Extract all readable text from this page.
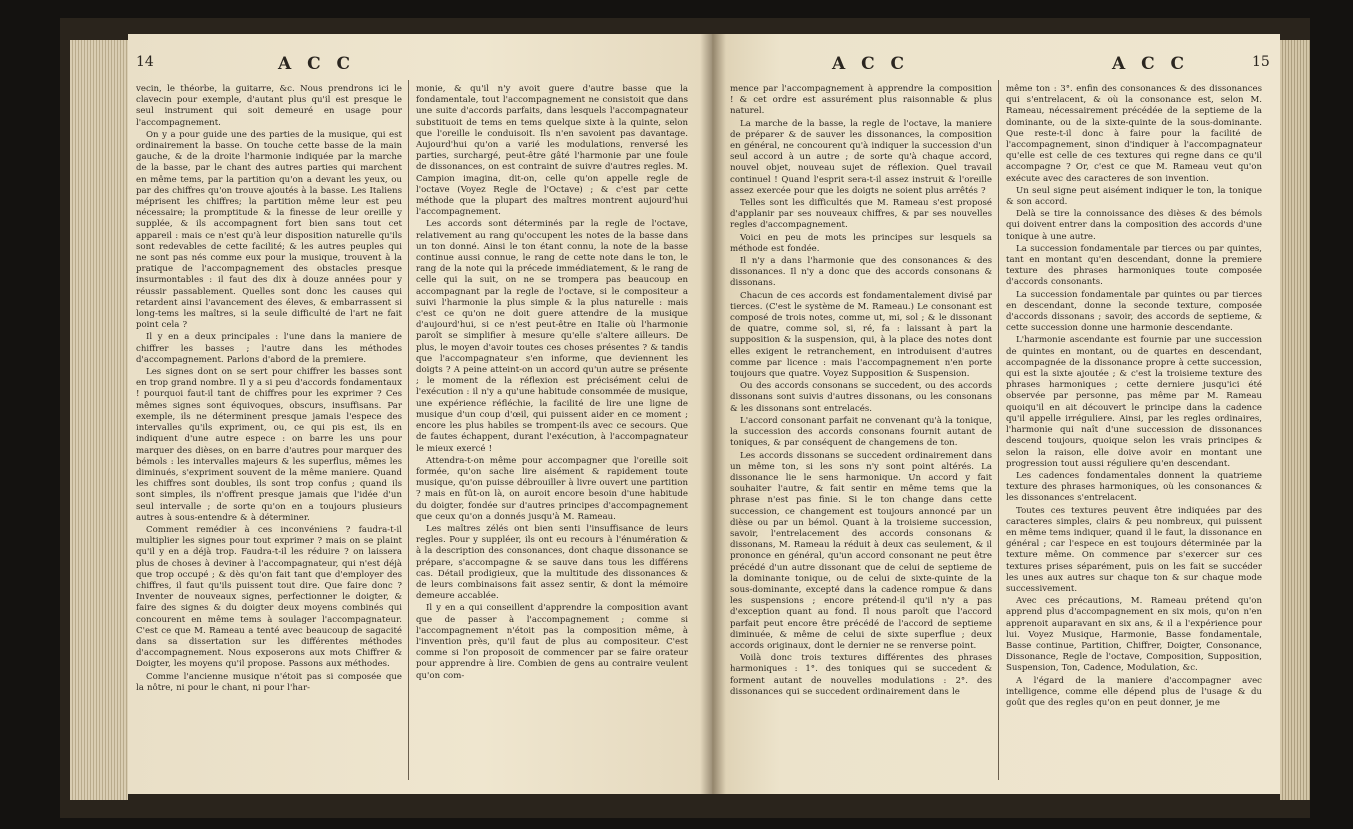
14	A C C

vecin, le théorbe, la guitarre, &c. Nous prendrons ici le clavecin pour exemple, d'autant plus qu'il est presque le seul instrument qui soit demeuré en usage pour l'accompagnement.

On y a pour guide une des parties de la musique, qui est ordinairement la basse. On touche cette basse de la main gauche, & de la droite l'harmonie indiquée par la marche de la basse, par le chant des autres parties qui marchent en même tems, par la partition qu'on a devant les yeux, ou par des chiffres qu'on trouve ajoutés à la basse. Les Italiens méprisent les chiffres; la partition même leur est peu nécessaire; la promptitude & la finesse de leur oreille y supplée, & ils accompagnent fort bien sans tout cet appareil : mais ce n'est qu'à leur disposition naturelle qu'ils sont redevables de cette facilité; & les autres peuples qui ne sont pas nés comme eux pour la musique, trouvent à la pratique de l'accompagnement des obstacles presque insurmontables : il faut des dix à douze années pour y réussir passablement. Quelles sont donc les causes qui retardent ainsi l'avancement des éleves, & embarrassent si long-tems les maîtres, si la seule difficulté de l'art ne fait point cela ?

Il y en a deux principales : l'une dans la maniere de chiffrer les basses ; l'autre dans les méthodes d'accompagnement. Parlons d'abord de la premiere.

Les signes dont on se sert pour chiffrer les basses sont en trop grand nombre. Il y a si peu d'accords fondamentaux ! pourquoi faut-il tant de chiffres pour les exprimer ? Ces mêmes signes sont équivoques, obscurs, insuffisans. Par exemple, ils ne déterminent presque jamais l'espece des intervalles qu'ils expriment, ou, ce qui pis est, ils en indiquent d'une autre espece : on barre les uns pour marquer des dièses, on en barre d'autres pour marquer des bémols : les intervalles majeurs & les superflus, mêmes les diminués, s'expriment souvent de la même maniere. Quand les chiffres sont doubles, ils sont trop confus ; quand ils sont simples, ils n'offrent presque jamais que l'idée d'un seul intervalle ; de sorte qu'on en a toujours plusieurs autres à sous-entendre & à déterminer.

Comment remédier à ces inconvéniens ? faudra-t-il multiplier les signes pour tout exprimer ? mais on se plaint qu'il y en a déjà trop. Faudra-t-il les réduire ? on laissera plus de choses à deviner à l'accompagnateur, qui n'est déjà que trop occupé ; & dès qu'on fait tant que d'employer des chiffres, il faut qu'ils puissent tout dire. Que faire donc ? Inventer de nouveaux signes, perfectionner le doigter, & faire des signes & du doigter deux moyens combinés qui concourent en même tems à soulager l'accompagnateur. C'est ce que M. Rameau a tenté avec beaucoup de sagacité dans sa dissertation sur les différentes méthodes d'accompagnement. Nous exposerons aux mots Chiffrer & Doigter, les moyens qu'il propose. Passons aux méthodes.

Comme l'ancienne musique n'étoit pas si composée que la nôtre, ni pour le chant, ni pour l'har-

monie, & qu'il n'y avoit guere d'autre basse que la fondamentale, tout l'accompagnement ne consistoit que dans une suite d'accords parfaits, dans lesquels l'accompagnateur substituoit de tems en tems quelque sixte à la quinte, selon que l'oreille le conduisoit. Ils n'en savoient pas davantage. Aujourd'hui qu'on a varié les modulations, renversé les parties, surchargé, peut-être gâté l'harmonie par une foule de dissonances, on est contraint de suivre d'autres regles. M. Campion imagina, dit-on, celle qu'on appelle regle de l'octave (Voyez Regle de l'Octave) ; & c'est par cette méthode que la plupart des maîtres montrent aujourd'hui l'accompagnement.

Les accords sont déterminés par la regle de l'octave, relativement au rang qu'occupent les notes de la basse dans un ton donné. Ainsi le ton étant connu, la note de la basse continue aussi connue, le rang de cette note dans le ton, le rang de la note qui la précede immédiatement, & le rang de celle qui la suit, on ne se trompera pas beaucoup en accompagnant par la regle de l'octave, si le compositeur a suivi l'harmonie la plus simple & la plus naturelle : mais c'est ce qu'on ne doit guere attendre de la musique d'aujourd'hui, si ce n'est peut-être en Italie où l'harmonie paroît se simplifier à mesure qu'elle s'altere ailleurs. De plus, le moyen d'avoir toutes ces choses présentes ? & tandis que l'accompagnateur s'en informe, que deviennent les doigts ? A peine atteint-on un accord qu'un autre se présente ; le moment de la réflexion est précisément celui de l'exécution : il n'y a qu'une habitude consommée de musique, une expérience réfléchie, la facilité de lire une ligne de musique d'un coup d'œil, qui puissent aider en ce moment ; encore les plus habiles se trompent-ils avec ce secours. Que de fautes échappent, durant l'exécution, à l'accompagnateur le mieux exercé !

Attendra-t-on même pour accompagner que l'oreille soit formée, qu'on sache lire aisément & rapidement toute musique, qu'on puisse débrouiller à livre ouvert une partition ? mais en fût-on là, on auroit encore besoin d'une habitude du doigter, fondée sur d'autres principes d'accompagnement que ceux qu'on a donnés jusqu'à M. Rameau.

Les maîtres zélés ont bien senti l'insuffisance de leurs regles. Pour y suppléer, ils ont eu recours à l'énumération & à la description des consonances, dont chaque dissonance se prépare, s'accompagne & se sauve dans tous les différens cas. Détail prodigieux, que la multitude des dissonances & de leurs combinaisons fait assez sentir, & dont la mémoire demeure accablée.

Il y en a qui conseillent d'apprendre la composition avant que de passer à l'accompagnement ; comme si l'accompagnement n'étoit pas la composition même, à l'invention près, qu'il faut de plus au compositeur. C'est comme si l'on proposoit de commencer par se faire orateur pour apprendre à lire. Combien de gens au contraire veulent qu'on com-

A C C	A C C	15

mence par l'accompagnement à apprendre la composition ! & cet ordre est assurément plus raisonnable & plus naturel.

La marche de la basse, la regle de l'octave, la maniere de préparer & de sauver les dissonances, la composition en général, ne concourent qu'à indiquer la succession d'un seul accord à un autre ; de sorte qu'à chaque accord, nouvel objet, nouveau sujet de réflexion. Quel travail continuel ! Quand l'esprit sera-t-il assez instruit & l'oreille assez exercée pour que les doigts ne soient plus arrêtés ?

Telles sont les difficultés que M. Rameau s'est proposé d'applanir par ses nouveaux chiffres, & par ses nouvelles regles d'accompagnement.

Voici en peu de mots les principes sur lesquels sa méthode est fondée.

Il n'y a dans l'harmonie que des consonances & des dissonances. Il n'y a donc que des accords consonans & dissonans.

Chacun de ces accords est fondamentalement divisé par tierces. (C'est le système de M. Rameau.) Le consonant est composé de trois notes, comme ut, mi, sol ; & le dissonant de quatre, comme sol, si, ré, fa : laissant à part la supposition & la suspension, qui, à la place des notes dont elles exigent le retranchement, en introduisent d'autres comme par licence : mais l'accompagnement n'en porte toujours que quatre. Voyez Supposition & Suspension.

Ou des accords consonans se succedent, ou des accords dissonans sont suivis d'autres dissonans, ou les consonans & les dissonans sont entrelacés.

L'accord consonant parfait ne convenant qu'à la tonique, la succession des accords consonans fournit autant de toniques, & par conséquent de changemens de ton.

Les accords dissonans se succedent ordinairement dans un même ton, si les sons n'y sont point altérés. La dissonance lie le sens harmonique. Un accord y fait souhaiter l'autre, & fait sentir en même tems que la phrase n'est pas finie. Si le ton change dans cette succession, ce changement est toujours annoncé par un dièse ou par un bémol. Quant à la troisieme succession, savoir, l'entrelacement des accords consonans & dissonans, M. Rameau la réduit à deux cas seulement, & il prononce en général, qu'un accord consonant ne peut être précédé d'un autre dissonant que de celui de septieme de la dominante tonique, ou de celui de sixte-quinte de la sous-dominante, excepté dans la cadence rompue & dans les suspensions ; encore prétend-il qu'il n'y a pas d'exception quant au fond. Il nous paroît que l'accord parfait peut encore être précédé de l'accord de septieme diminuée, & même de celui de sixte superflue ; deux accords originaux, dont le dernier ne se renverse point.

Voilà donc trois textures différentes des phrases harmoniques : 1°. des toniques qui se succedent & forment autant de nouvelles modulations : 2°. des dissonances qui se succedent ordinairement dans le

même ton : 3°. enfin des consonances & des dissonances qui s'entrelacent, & où la consonance est, selon M. Rameau, nécessairement précédée de la septieme de la dominante, ou de la sixte-quinte de la sous-dominante. Que reste-t-il donc à faire pour la facilité de l'accompagnement, sinon d'indiquer à l'accompagnateur qu'elle est celle de ces textures qui regne dans ce qu'il accompagne ? Or, c'est ce que M. Rameau veut qu'on exécute avec des caracteres de son invention.

Un seul signe peut aisément indiquer le ton, la tonique & son accord.

Delà se tire la connoissance des dièses & des bémols qui doivent entrer dans la composition des accords d'une tonique à une autre.

La succession fondamentale par tierces ou par quintes, tant en montant qu'en descendant, donne la premiere texture des phrases harmoniques toute composée d'accords consonants.

La succession fondamentale par quintes ou par tierces en descendant, donne la seconde texture, composée d'accords dissonans ; savoir, des accords de septieme, & cette succession donne une harmonie descendante.

L'harmonie ascendante est fournie par une succession de quintes en montant, ou de quartes en descendant, accompagnée de la dissonance propre à cette succession, qui est la sixte ajoutée ; & c'est la troisieme texture des phrases harmoniques ; cette derniere jusqu'ici été observée par personne, pas même par M. Rameau quoiqu'il en ait découvert le principe dans la cadence qu'il appelle irréguliere. Ainsi, par les regles ordinaires, l'harmonie qui naît d'une succession de dissonances descend toujours, quoique selon les vrais principes & selon la raison, elle doive avoir en montant une progression tout aussi réguliere qu'en descendant.

Les cadences fondamentales donnent la quatrieme texture des phrases harmoniques, où les consonances & les dissonances s'entrelacent.

Toutes ces textures peuvent être indiquées par des caracteres simples, clairs & peu nombreux, qui puissent en même tems indiquer, quand il le faut, la dissonance en général ; car l'espece en est toujours déterminée par la texture même. On commence par s'exercer sur ces textures prises séparément, puis on les fait se succéder les unes aux autres sur chaque ton & sur chaque mode successivement.

Avec ces précautions, M. Rameau prétend qu'on apprend plus d'accompagnement en six mois, qu'on n'en apprenoit auparavant en six ans, & il a l'expérience pour lui. Voyez Musique, Harmonie, Basse fondamentale, Basse continue, Partition, Chiffrer, Doigter, Consonance, Dissonance, Regle de l'octave, Composition, Supposition, Suspension, Ton, Cadence, Modulation, &c.

A l'égard de la maniere d'accompagner avec intelligence, comme elle dépend plus de l'usage & du goût que des regles qu'on en peut donner, je me
